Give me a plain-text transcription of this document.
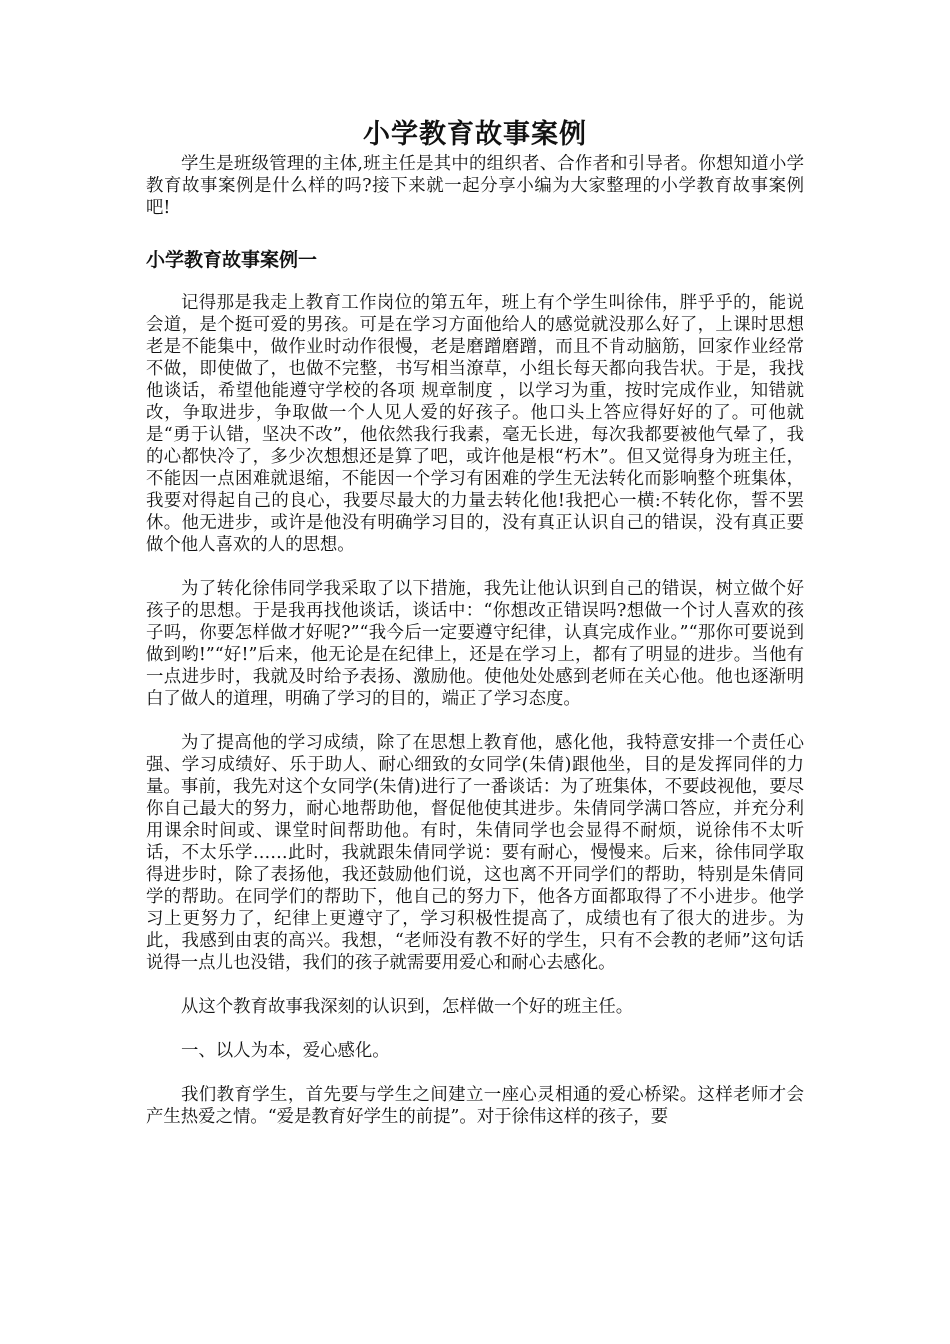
小学教育故事案例

学生是班级管理的主体,班主任是其中的组织者、合作者和引导者。你想知道小学教育故事案例是什么样的吗?接下来就一起分享小编为大家整理的小学教育故事案例吧!

小学教育故事案例一

记得那是我走上教育工作岗位的第五年，班上有个学生叫徐伟，胖乎乎的，能说会道，是个挺可爱的男孩。可是在学习方面他给人的感觉就没那么好了，上课时思想老是不能集中，做作业时动作很慢，老是磨蹭磨蹭，而且不肯动脑筋，回家作业经常不做，即使做了，也做不完整，书写相当潦草，小组长每天都向我告状。于是，我找他谈话，希望他能遵守学校的各项 规章制度 ，以学习为重，按时完成作业，知错就改，争取进步，争取做一个人见人爱的好孩子。他口头上答应得好好的了。可他就是“勇于认错，坚决不改”，他依然我行我素，毫无长进，每次我都要被他气晕了，我的心都快冷了，多少次想想还是算了吧，或许他是根“朽木”。但又觉得身为班主任，不能因一点困难就退缩，不能因一个学习有困难的学生无法转化而影响整个班集体，我要对得起自己的良心，我要尽最大的力量去转化他!我把心一横:不转化你，誓不罢休。他无进步，或许是他没有明确学习目的，没有真正认识自己的错误，没有真正要做个他人喜欢的人的思想。

为了转化徐伟同学我采取了以下措施，我先让他认识到自己的错误，树立做个好孩子的思想。于是我再找他谈话，谈话中：“你想改正错误吗?想做一个讨人喜欢的孩子吗，你要怎样做才好呢?”“我今后一定要遵守纪律，认真完成作业。”“那你可要说到做到哟!”“好!”后来，他无论是在纪律上，还是在学习上，都有了明显的进步。当他有一点进步时，我就及时给予表扬、激励他。使他处处感到老师在关心他。他也逐渐明白了做人的道理，明确了学习的目的，端正了学习态度。

为了提高他的学习成绩，除了在思想上教育他，感化他，我特意安排一个责任心强、学习成绩好、乐于助人、耐心细致的女同学(朱倩)跟他坐，目的是发挥同伴的力量。事前，我先对这个女同学(朱倩)进行了一番谈话：为了班集体，不要歧视他，要尽你自己最大的努力，耐心地帮助他，督促他使其进步。朱倩同学满口答应，并充分利用课余时间或、课堂时间帮助他。有时，朱倩同学也会显得不耐烦，说徐伟不太听话，不太乐学……此时，我就跟朱倩同学说：要有耐心，慢慢来。后来，徐伟同学取得进步时，除了表扬他，我还鼓励他们说，这也离不开同学们的帮助，特别是朱倩同学的帮助。在同学们的帮助下，他自己的努力下，他各方面都取得了不小进步。他学习上更努力了，纪律上更遵守了，学习积极性提高了，成绩也有了很大的进步。为此，我感到由衷的高兴。我想，“老师没有教不好的学生，只有不会教的老师”这句话说得一点儿也没错，我们的孩子就需要用爱心和耐心去感化。

从这个教育故事我深刻的认识到，怎样做一个好的班主任。

一、以人为本，爱心感化。

我们教育学生，首先要与学生之间建立一座心灵相通的爱心桥梁。这样老师才会产生热爱之情。“爱是教育好学生的前提”。对于徐伟这样的孩子，要
